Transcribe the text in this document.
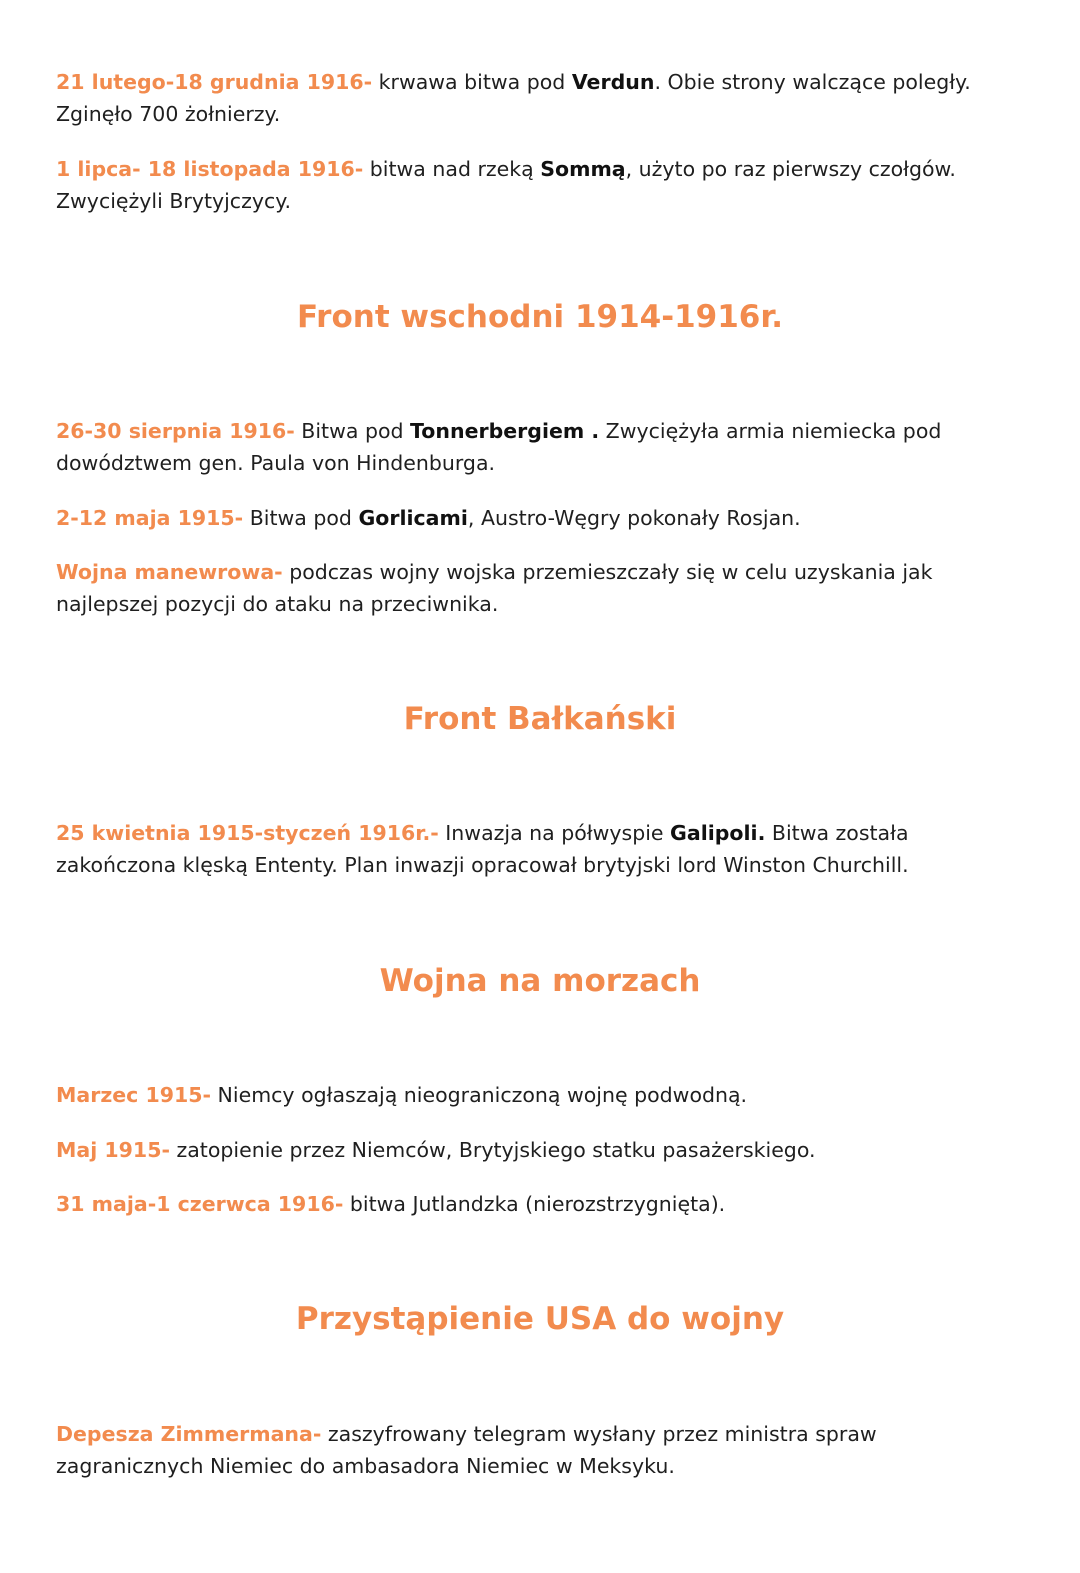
21 lutego-18 grudnia 1916- krwawa bitwa pod Verdun. Obie strony walczące poległy. Zginęło 700 żołnierzy.

1 lipca- 18 listopada 1916- bitwa nad rzeką Sommą, użyto po raz pierwszy czołgów. Zwyciężyli Brytyjczycy.

Front wschodni 1914-1916r.

26-30 sierpnia 1916- Bitwa pod Tonnerbergiem . Zwyciężyła armia niemiecka pod dowództwem gen. Paula von Hindenburga.

2-12 maja 1915- Bitwa pod Gorlicami, Austro-Węgry pokonały Rosjan.

Wojna manewrowa- podczas wojny wojska przemieszczały się w celu uzyskania jak najlepszej pozycji do ataku na przeciwnika.

Front Bałkański

25 kwietnia 1915-styczeń 1916r.- Inwazja na półwyspie Galipoli. Bitwa została zakończona klęską Ententy. Plan inwazji opracował brytyjski lord Winston Churchill.

Wojna na morzach

Marzec 1915- Niemcy ogłaszają nieograniczoną wojnę podwodną.

Maj 1915- zatopienie przez Niemców, Brytyjskiego statku pasażerskiego.

31 maja-1 czerwca 1916- bitwa Jutlandzka (nierozstrzygnięta).

Przystąpienie USA do wojny

Depesza Zimmermana- zaszyfrowany telegram wysłany przez ministra spraw zagranicznych Niemiec do ambasadora Niemiec w Meksyku.
